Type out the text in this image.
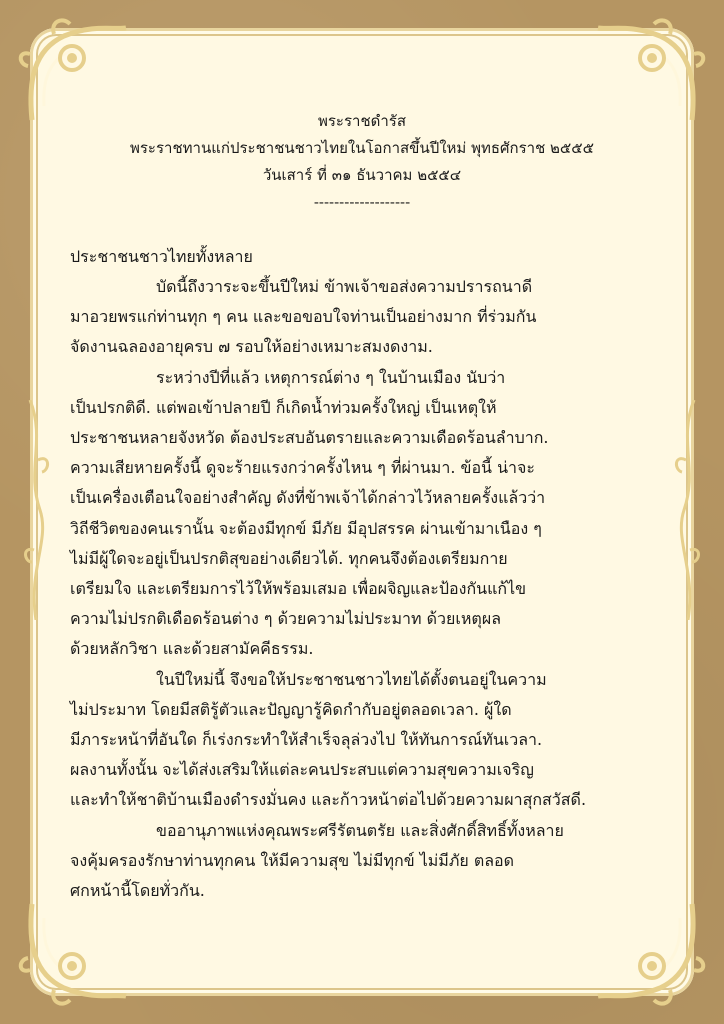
พระราชดำรัส
พระราชทานแก่ประชาชนชาวไทยในโอกาสขึ้นปีใหม่ พุทธศักราช ๒๕๕๕
วันเสาร์ ที่ ๓๑ ธันวาคม ๒๕๕๔
-------------------
ประชาชนชาวไทยทั้งหลาย
บัดนี้ถึงวาระจะขึ้นปีใหม่ ข้าพเจ้าขอส่งความปรารถนาดี
มาอวยพรแก่ท่านทุก ๆ คน และขอขอบใจท่านเป็นอย่างมาก ที่ร่วมกัน
จัดงานฉลองอายุครบ ๗ รอบให้อย่างเหมาะสมงดงาม.
ระหว่างปีที่แล้ว เหตุการณ์ต่าง ๆ ในบ้านเมือง นับว่า
เป็นปรกติดี. แต่พอเข้าปลายปี ก็เกิดน้ำท่วมครั้งใหญ่ เป็นเหตุให้
ประชาชนหลายจังหวัด ต้องประสบอันตรายและความเดือดร้อนลำบาก.
ความเสียหายครั้งนี้ ดูจะร้ายแรงกว่าครั้งไหน ๆ ที่ผ่านมา. ข้อนี้ น่าจะ
เป็นเครื่องเตือนใจอย่างสำคัญ ดังที่ข้าพเจ้าได้กล่าวไว้หลายครั้งแล้วว่า
วิถีชีวิตของคนเรานั้น จะต้องมีทุกข์ มีภัย มีอุปสรรค ผ่านเข้ามาเนือง ๆ
ไม่มีผู้ใดจะอยู่เป็นปรกติสุขอย่างเดียวได้. ทุกคนจึงต้องเตรียมกาย
เตรียมใจ และเตรียมการไว้ให้พร้อมเสมอ เพื่อผจิญและป้องกันแก้ไข
ความไม่ปรกติเดือดร้อนต่าง ๆ ด้วยความไม่ประมาท ด้วยเหตุผล
ด้วยหลักวิชา และด้วยสามัคคีธรรม.
ในปีใหม่นี้ จึงขอให้ประชาชนชาวไทยได้ตั้งตนอยู่ในความ
ไม่ประมาท โดยมีสติรู้ตัวและปัญญารู้คิดกำกับอยู่ตลอดเวลา. ผู้ใด
มีภาระหน้าที่อันใด ก็เร่งกระทำให้สำเร็จลุล่วงไป ให้ทันการณ์ทันเวลา.
ผลงานทั้งนั้น จะได้ส่งเสริมให้แต่ละคนประสบแต่ความสุขความเจริญ
และทำให้ชาติบ้านเมืองดำรงมั่นคง และก้าวหน้าต่อไปด้วยความผาสุกสวัสดี.
ขออานุภาพแห่งคุณพระศรีรัตนตรัย และสิ่งศักดิ์สิทธิ์ทั้งหลาย
จงคุ้มครองรักษาท่านทุกคน ให้มีความสุข ไม่มีทุกข์ ไม่มีภัย ตลอด
ศกหน้านี้โดยทั่วกัน.
